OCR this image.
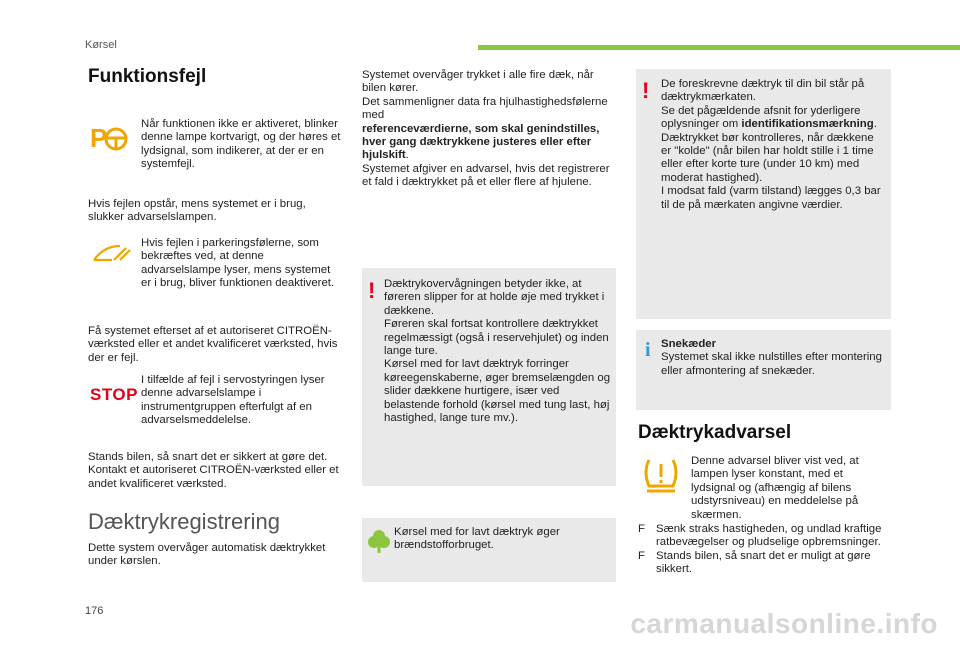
Kørsel
Funktionsfejl
P	Når funktionen ikke er aktiveret, blinker denne lampe kortvarigt, og der høres et lydsignal, som indikerer, at der er en systemfejl.

Hvis fejlen opstår, mens systemet er i brug, slukker advarselslampen.

Hvis fejlen i parkeringsfølerne, som bekræftes ved, at denne advarselslampe lyser, mens systemet er i brug, bliver funktionen deaktiveret.

Få systemet efterset af et autoriseret CITROËN-værksted eller et andet kvalificeret værksted, hvis der er fejl.

STOP

I tilfælde af fejl i servostyringen lyser denne advarselslampe i instrumentgruppen efterfulgt af en advarselsmeddelelse.

Stands bilen, så snart det er sikkert at gøre det. Kontakt et autoriseret CITROËN-værksted eller et andet kvalificeret værksted.

Dæktrykregistrering

Dette system overvåger automatisk dæktrykket under kørslen.

Systemet overvåger trykket i alle fire dæk, når bilen kører.

Det sammenligner data fra hjulhastighedsfølerne med

referenceværdierne, som skal genindstilles, hver gang dæktrykkene justeres eller efter hjulskift.

Systemet afgiver en advarsel, hvis det registrerer et fald i dæktrykket på et eller flere af hjulene.

! Dæktrykovervågningen betyder ikke, at føreren slipper for at holde øje med trykket i dækkene.

Føreren skal fortsat kontrollere dæktrykket regelmæssigt (også i reservehjulet) og inden lange ture.

Kørsel med for lavt dæktryk forringer køreegenskaberne, øger bremselængden og slider dækkene hurtigere, især ved belastende forhold (kørsel med tung last, høj hastighed, lange ture mv.).

Kørsel med for lavt dæktryk øger brændstofforbruget.

! De foreskrevne dæktryk til din bil står på dæktrykmærkaten.

Se det pågældende afsnit for yderligere oplysninger om identifikationsmærkning.

Dæktrykket bør kontrolleres, når dækkene er "kolde" (når bilen har holdt stille i 1 time eller efter korte ture (under 10 km) med moderat hastighed).

I modsat fald (varm tilstand) lægges 0,3 bar til de på mærkaten angivne værdier.

i Snekæder

Systemet skal ikke nulstilles efter montering eller afmontering af snekæder.

Dæktrykadvarsel

Denne advarsel bliver vist ved, at lampen lyser konstant, med et lydsignal og (afhængig af bilens udstyrsniveau) en meddelelse på skærmen.

F Sænk straks hastigheden, og undlad kraftige ratbevægelser og pludselige opbremsninger.
F Stands bilen, så snart det er muligt at gøre sikkert.
176	carmanualsonline.info
